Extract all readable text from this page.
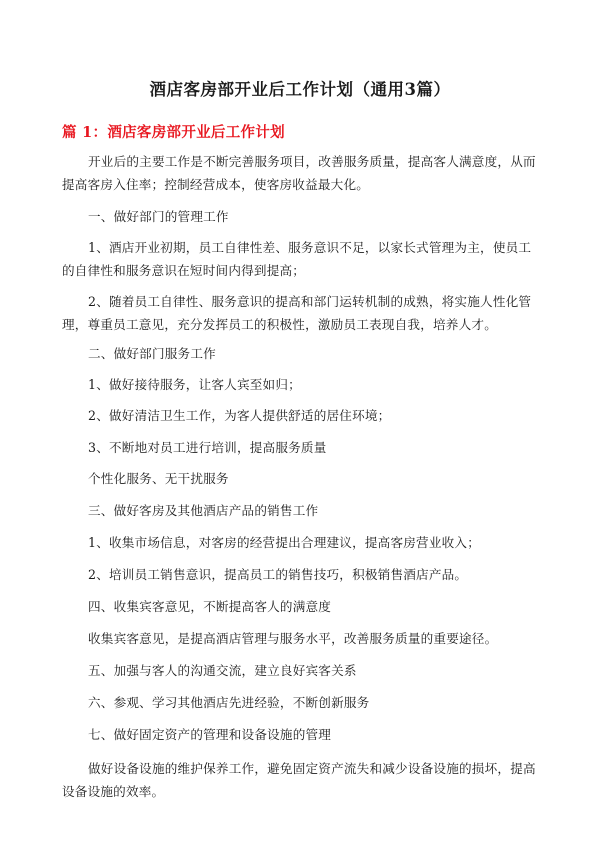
酒店客房部开业后工作计划（通用3篇）
篇 1：酒店客房部开业后工作计划

开业后的主要工作是不断完善服务项目，改善服务质量，提高客人满意度，从而提高客房入住率；控制经营成本，使客房收益最大化。

一、做好部门的管理工作

1、酒店开业初期，员工自律性差、服务意识不足，以家长式管理为主，使员工的自律性和服务意识在短时间内得到提高；

2、随着员工自律性、服务意识的提高和部门运转机制的成熟，将实施人性化管理，尊重员工意见，充分发挥员工的积极性，激励员工表现自我，培养人才。

二、做好部门服务工作

1、做好接待服务，让客人宾至如归；

2、做好清洁卫生工作，为客人提供舒适的居住环境；

3、不断地对员工进行培训，提高服务质量

个性化服务、无干扰服务

三、做好客房及其他酒店产品的销售工作

1、收集市场信息，对客房的经营提出合理建议，提高客房营业收入；

2、培训员工销售意识，提高员工的销售技巧，积极销售酒店产品。

四、收集宾客意见，不断提高客人的满意度

收集宾客意见，是提高酒店管理与服务水平，改善服务质量的重要途径。

五、加强与客人的沟通交流，建立良好宾客关系

六、参观、学习其他酒店先进经验，不断创新服务

七、做好固定资产的管理和设备设施的管理

做好设备设施的维护保养工作，避免固定资产流失和减少设备设施的损坏，提高设备设施的效率。
